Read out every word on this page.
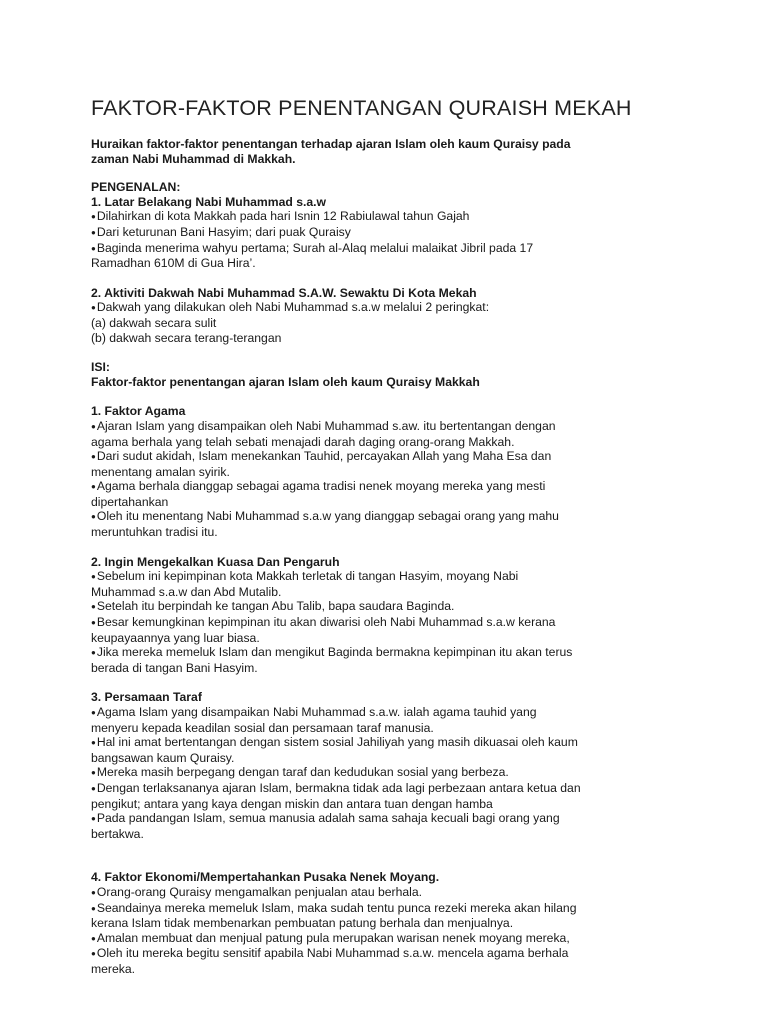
FAKTOR-FAKTOR PENENTANGAN QURAISH MEKAH

Huraikan faktor-faktor penentangan terhadap ajaran Islam oleh kaum Quraisy pada

zaman Nabi Muhammad di Makkah.

PENGENALAN:

1. Latar Belakang Nabi Muhammad s.a.w

● Dilahirkan di kota Makkah pada hari Isnin 12 Rabiulawal tahun Gajah

● Dari keturunan Bani Hasyim; dari puak Quraisy

● Baginda menerima wahyu pertama; Surah al-Alaq melalui malaikat Jibril pada 17

Ramadhan 610M di Gua Hira’.

2. Aktiviti Dakwah Nabi Muhammad S.A.W. Sewaktu Di Kota Mekah

● Dakwah yang dilakukan oleh Nabi Muhammad s.a.w melalui 2 peringkat:

(a) dakwah secara sulit

(b) dakwah secara terang-terangan

ISI:

Faktor-faktor penentangan ajaran Islam oleh kaum Quraisy Makkah

1. Faktor Agama

● Ajaran Islam yang disampaikan oleh Nabi Muhammad s.aw. itu bertentangan dengan

agama berhala yang telah sebati menajadi darah daging orang-orang Makkah.

● Dari sudut akidah, Islam menekankan Tauhid, percayakan Allah yang Maha Esa dan

menentang amalan syirik.

● Agama berhala dianggap sebagai agama tradisi nenek moyang mereka yang mesti

dipertahankan

● Oleh itu menentang Nabi Muhammad s.a.w yang dianggap sebagai orang yang mahu

meruntuhkan tradisi itu.

2. Ingin Mengekalkan Kuasa Dan Pengaruh

● Sebelum ini kepimpinan kota Makkah terletak di tangan Hasyim, moyang Nabi

Muhammad s.a.w dan Abd Mutalib.

● Setelah itu berpindah ke tangan Abu Talib, bapa saudara Baginda.

● Besar kemungkinan kepimpinan itu akan diwarisi oleh Nabi Muhammad s.a.w kerana

keupayaannya yang luar biasa.

● Jika mereka memeluk Islam dan mengikut Baginda bermakna kepimpinan itu akan terus

berada di tangan Bani Hasyim.

3. Persamaan Taraf

● Agama Islam yang disampaikan Nabi Muhammad s.a.w. ialah agama tauhid yang

menyeru kepada keadilan sosial dan persamaan taraf manusia.

● Hal ini amat bertentangan dengan sistem sosial Jahiliyah yang masih dikuasai oleh kaum

bangsawan kaum Quraisy.

● Mereka masih berpegang dengan taraf dan kedudukan sosial yang berbeza.

● Dengan terlaksananya ajaran Islam, bermakna tidak ada lagi perbezaan antara ketua dan

pengikut; antara yang kaya dengan miskin dan antara tuan dengan hamba

● Pada pandangan Islam, semua manusia adalah sama sahaja kecuali bagi orang yang

bertakwa.

4. Faktor Ekonomi/Mempertahankan Pusaka Nenek Moyang.

● Orang-orang Quraisy mengamalkan penjualan atau berhala.

● Seandainya mereka memeluk Islam, maka sudah tentu punca rezeki mereka akan hilang

kerana Islam tidak membenarkan pembuatan patung berhala dan menjualnya.

● Amalan membuat dan menjual patung pula merupakan warisan nenek moyang mereka,

● Oleh itu mereka begitu sensitif apabila Nabi Muhammad s.a.w. mencela agama berhala

mereka.
